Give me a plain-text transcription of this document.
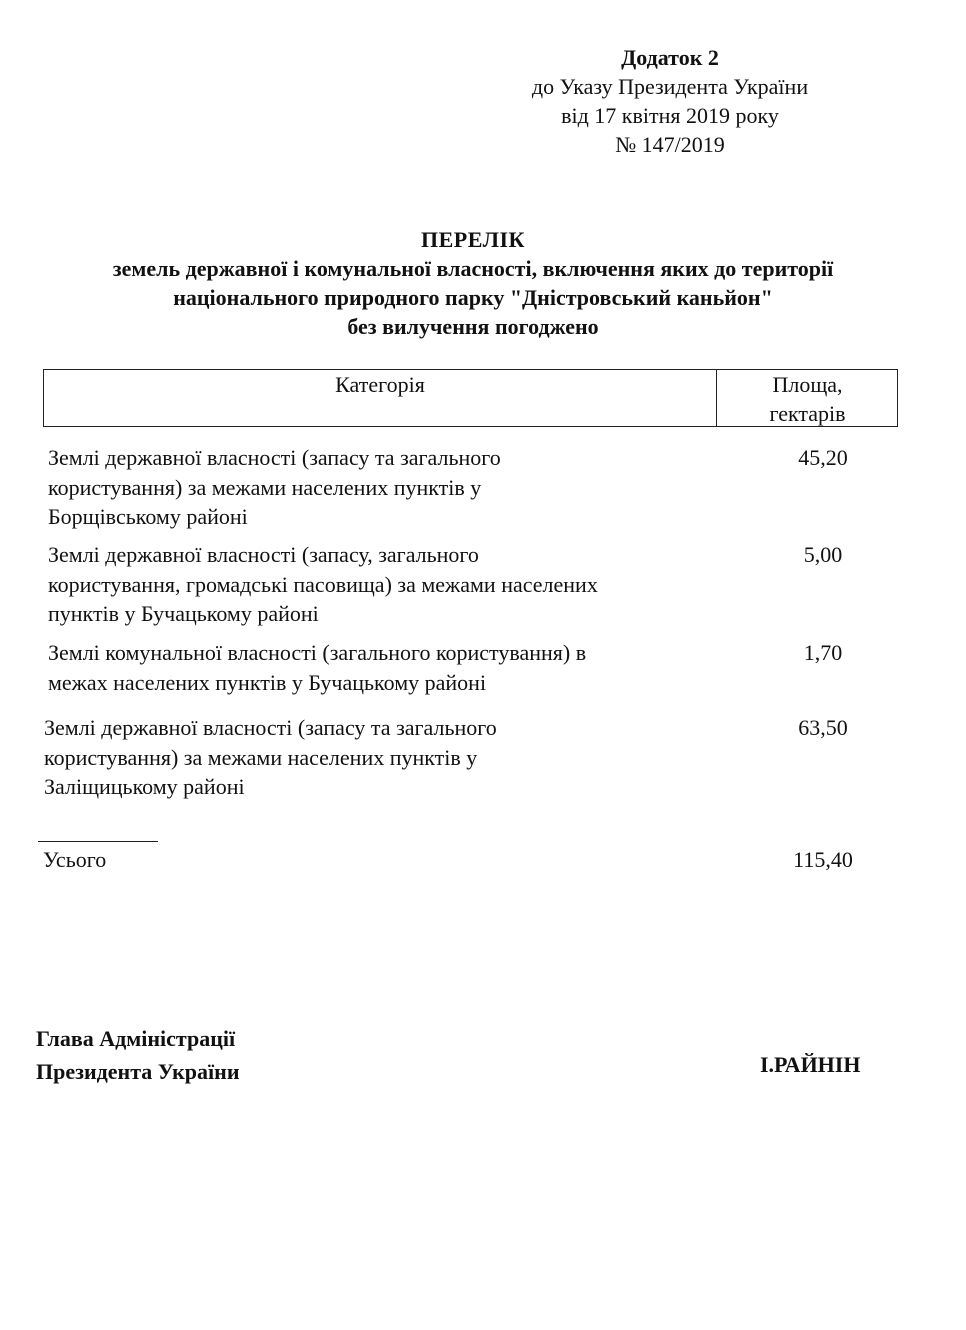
Додаток 2
до Указу Президента України
від 17 квітня 2019 року
№ 147/2019
ПЕРЕЛІК
земель державної і комунальної власності, включення яких до території
національного природного парку "Дністровський каньйон"
без вилучення погоджено
Категорія	Площа,
гектарів
Землі державної власності (запасу та загального
користування) за межами населених пунктів у
Борщівському районі
45,20
Землі державної власності (запасу, загального
користування, громадські пасовища) за межами населених
пунктів у Бучацькому районі
5,00
Землі комунальної власності (загального користування) в
межах населених пунктів у Бучацькому районі
1,70
Землі державної власності (запасу та загального
користування) за межами населених пунктів у
Заліщицькому районі
63,50
Усього	115,40
Глава Адміністрації
Президента України	І.РАЙНІН
